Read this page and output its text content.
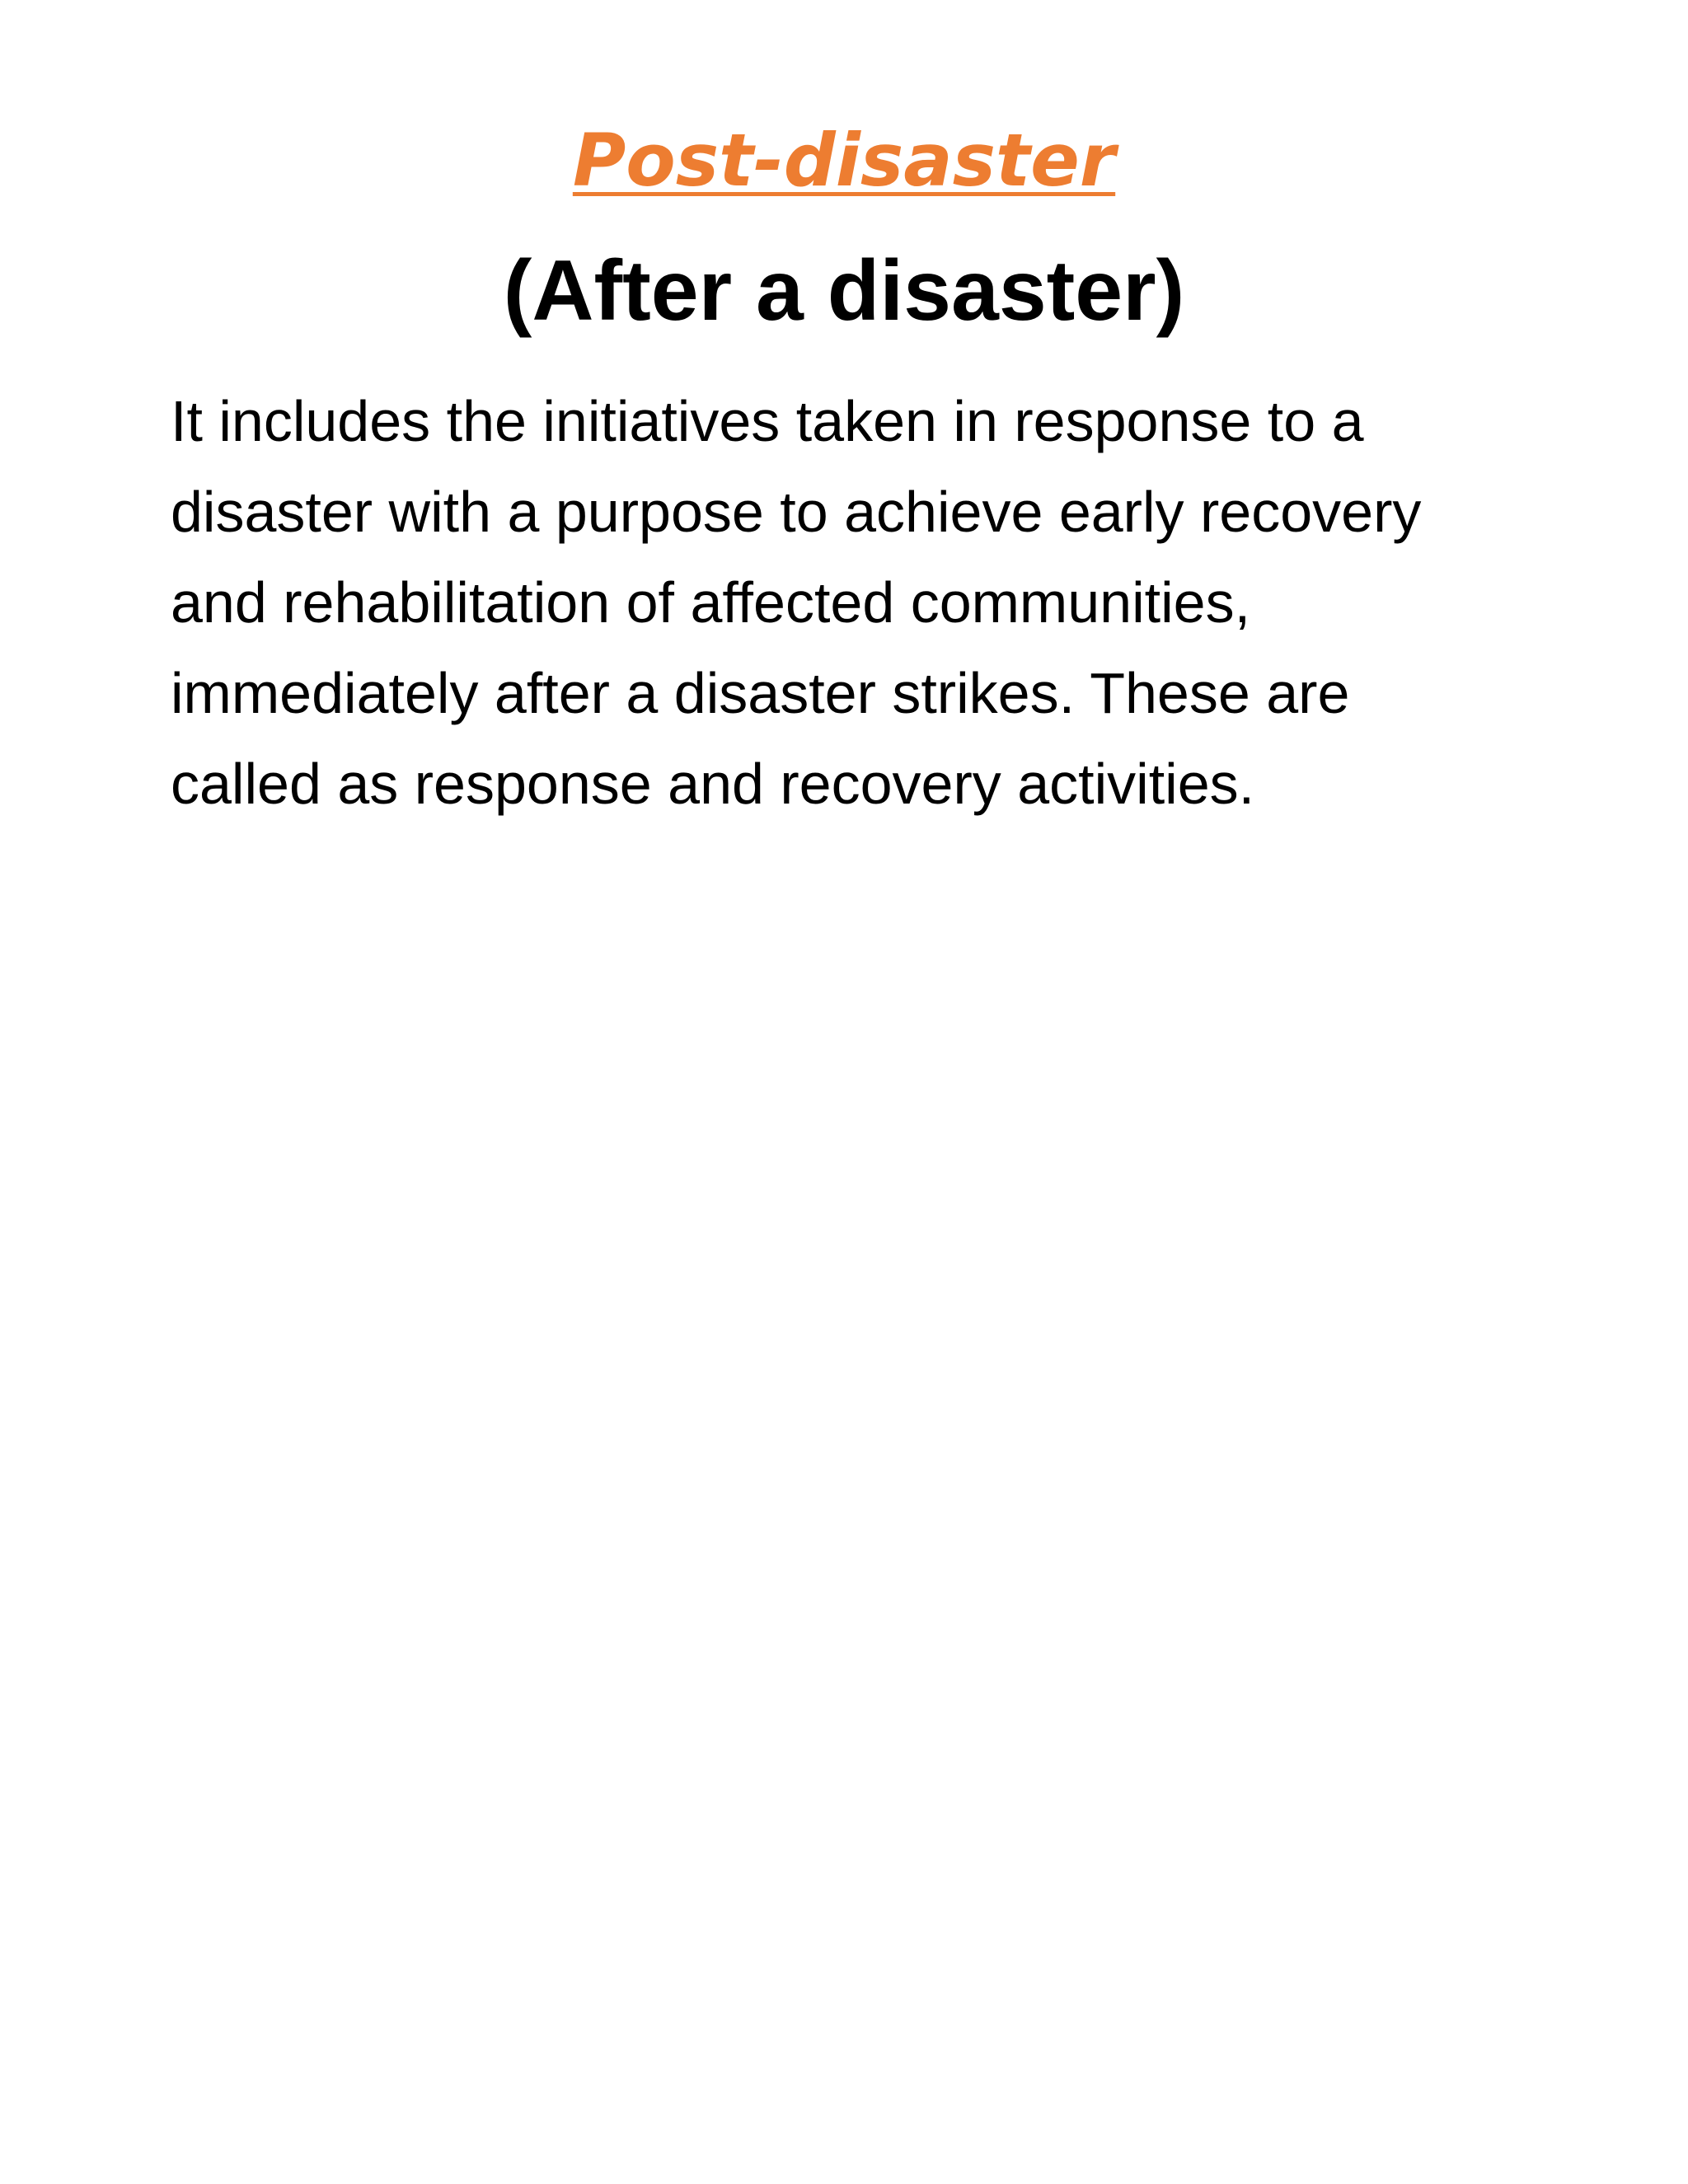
Post-disaster
(After a disaster)

It includes the initiatives taken in response to a
disaster with a purpose to achieve early recovery
and rehabilitation of affected communities,
immediately after a disaster strikes. These are
called as response and recovery activities.
